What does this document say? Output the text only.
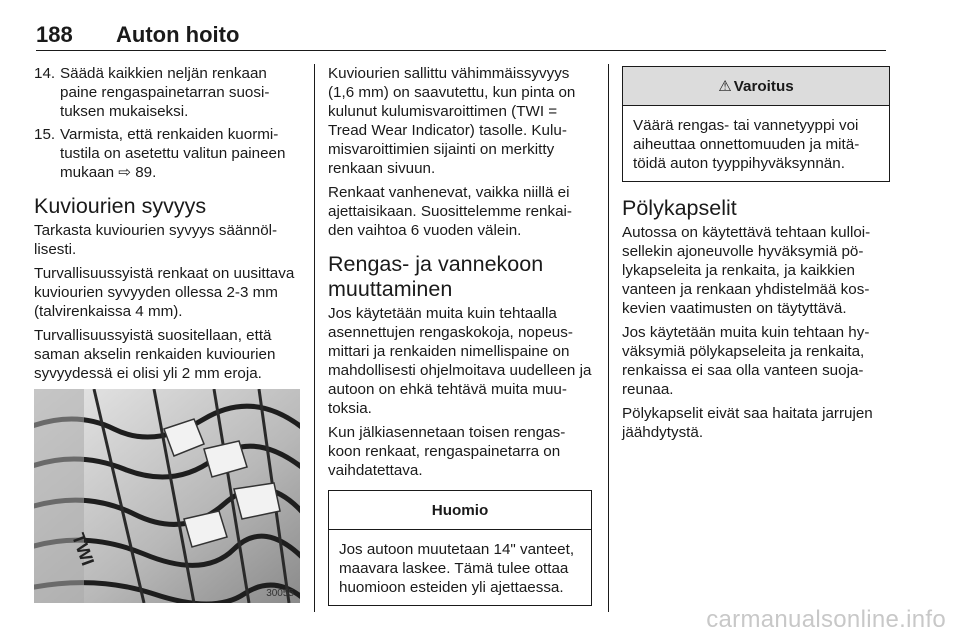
188 Auton hoito
14. Säädä kaikkien neljän renkaan paine rengaspainetarran suosituksen mukaiseksi.
15. Varmista, että renkaiden kuormitustila on asetettu valitun paineen mukaan ⇨ 89.
Kuviourien syvyys

Tarkasta kuviourien syvyys säännöllisesti.

Turvallisuussyistä renkaat on uusittava kuviourien syvyyden ollessa 2-3 mm (talvirenkaissa 4 mm).

Turvallisuussyistä suositellaan, että saman akselin renkaiden kuviourien syvyydessä ei olisi yli 2 mm eroja.

TWI
30055

Kuviourien sallittu vähimmäissyvyys (1,6 mm) on saavutettu, kun pinta on kulunut kulumisvaroittimen (TWI = Tread Wear Indicator) tasolle. Kulumisvaroittimien sijainti on merkitty renkaan sivuun.

Renkaat vanhenevat, vaikka niillä ei ajettaisikaan. Suosittelemme renkaiden vaihtoa 6 vuoden välein.

Rengas- ja vannekoon muuttaminen

Jos käytetään muita kuin tehtaalla asennettujen rengaskokoja, nopeusmittari ja renkaiden nimellispaine on mahdollisesti ohjelmoitava uudelleen ja autoon on ehkä tehtävä muita muutoksia.

Kun jälkiasennetaan toisen rengaskoon renkaat, rengaspainetarra on vaihdatettava.

Huomio

Jos autoon muutetaan 14" vanteet, maavara laskee. Tämä tulee ottaa huomioon esteiden yli ajettaessa.

⚠ Varoitus

Väärä rengas- tai vannetyyppi voi aiheuttaa onnettomuuden ja mitätöidä auton tyyppihyväksynnän.

Pölykapselit

Autossa on käytettävä tehtaan kulloisellekin ajoneuvolle hyväksymiä pölykapseleita ja renkaita, ja kaikkien vanteen ja renkaan yhdistelmää koskevien vaatimusten on täytyttävä.

Jos käytetään muita kuin tehtaan hyväksymiä pölykapseleita ja renkaita, renkaissa ei saa olla vanteen suojareunaa.

Pölykapselit eivät saa haitata jarrujen jäähdytystä.

carmanualsonline.info
